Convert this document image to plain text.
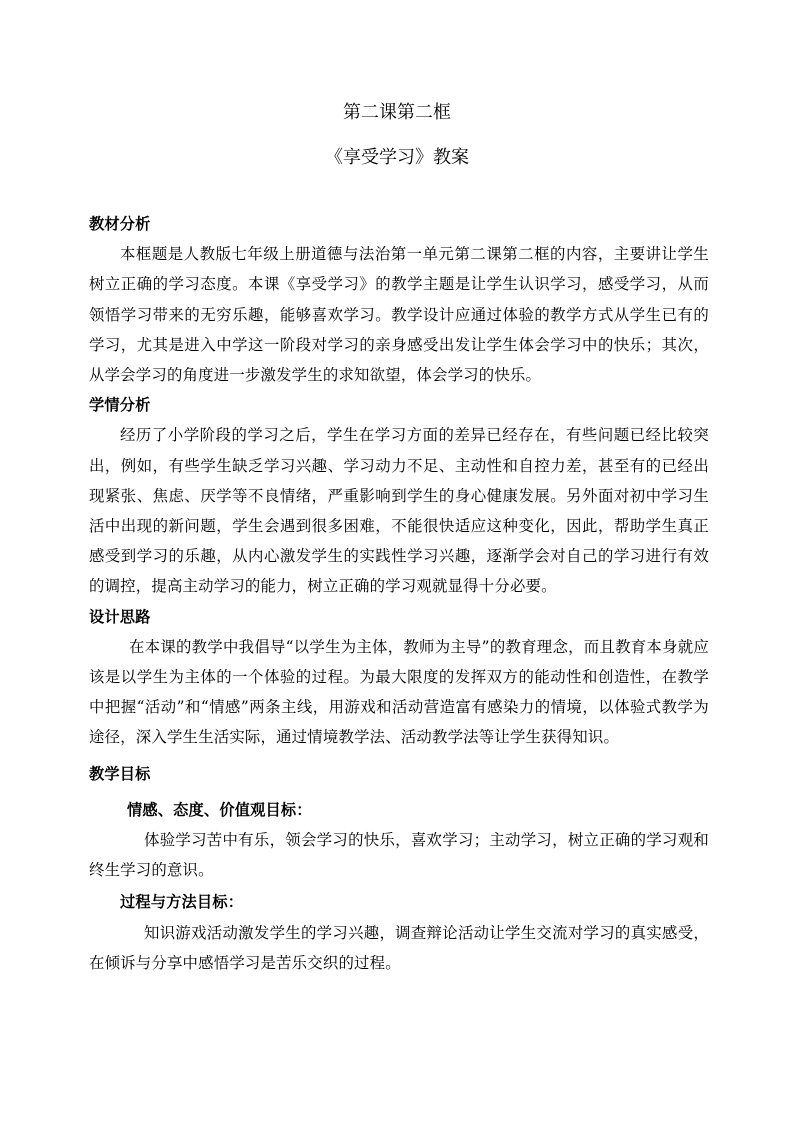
第二课第二框
《享受学习》教案

教材分析

本框题是人教版七年级上册道德与法治第一单元第二课第二框的内容，主要讲让学生树立正确的学习态度。本课《享受学习》的教学主题是让学生认识学习，感受学习，从而领悟学习带来的无穷乐趣，能够喜欢学习。教学设计应通过体验的教学方式从学生已有的学习，尤其是进入中学这一阶段对学习的亲身感受出发让学生体会学习中的快乐；其次，从学会学习的角度进一步激发学生的求知欲望，体会学习的快乐。

学情分析

经历了小学阶段的学习之后，学生在学习方面的差异已经存在，有些问题已经比较突出，例如，有些学生缺乏学习兴趣、学习动力不足、主动性和自控力差，甚至有的已经出现紧张、焦虑、厌学等不良情绪，严重影响到学生的身心健康发展。另外面对初中学习生活中出现的新问题，学生会遇到很多困难，不能很快适应这种变化，因此，帮助学生真正感受到学习的乐趣，从内心激发学生的实践性学习兴趣，逐渐学会对自己的学习进行有效的调控，提高主动学习的能力，树立正确的学习观就显得十分必要。

设计思路

在本课的教学中我倡导“以学生为主体，教师为主导”的教育理念，而且教育本身就应该是以学生为主体的一个体验的过程。为最大限度的发挥双方的能动性和创造性，在教学中把握“活动”和“情感”两条主线，用游戏和活动营造富有感染力的情境，以体验式教学为途径，深入学生生活实际，通过情境教学法、活动教学法等让学生获得知识。

教学目标

情感、态度、价值观目标：

体验学习苦中有乐，领会学习的快乐，喜欢学习；主动学习，树立正确的学习观和终生学习的意识。

过程与方法目标：

知识游戏活动激发学生的学习兴趣，调查辩论活动让学生交流对学习的真实感受，在倾诉与分享中感悟学习是苦乐交织的过程。
